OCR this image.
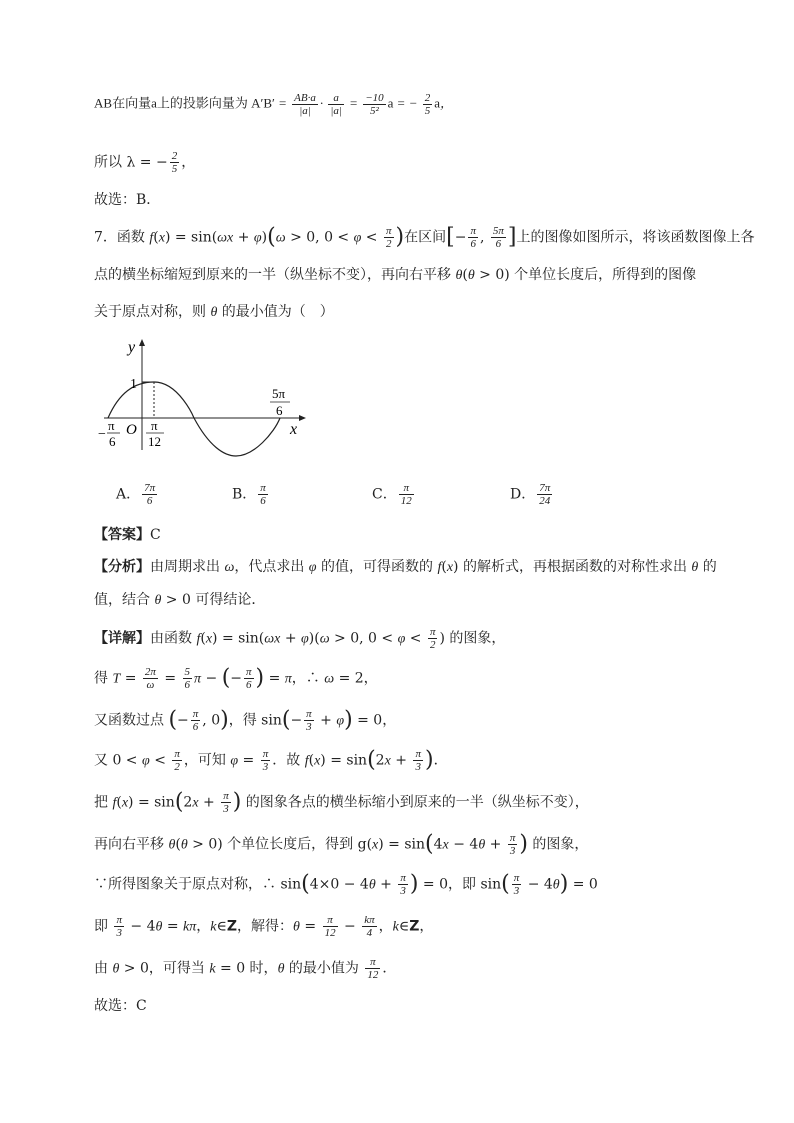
AB在向量a上的投影向量为 $A'B' = \frac{AB\cdot a}{|a|} \cdot \frac{a}{|a|} = \frac{-10}{\text{5²}}$ a = − $\frac{2}{5}$ a，
所以 λ = − $\frac{2}{5}$ ，
故选：B．
7．函数 f(x) = sin(ωx + φ)(ω > 0, $0 < \varphi < \frac{\pi}{2}$ )在区间[− $\frac{\pi}{6}$ , $\frac{5\pi}{6}$ ]上的图像如图所示，将该函数图像上各
点的横坐标缩短到原来的一半（纵坐标不变），再向右平移 θ(θ > 0) 个单位长度后，所得到的图像
关于原点对称，则 θ 的最小值为（　）
y
x
1
O
−
π
6
π
12
5π
6
A． $\frac{7\pi}{6}$	B． $\frac{\pi}{6}$	C． $\frac{\pi}{12}$	D． $\frac{7\pi}{24}$
【答案】C
【分析】由周期求出 ω，代点求出 φ 的值，可得函数的 f(x) 的解析式，再根据函数的对称性求出 θ 的
值，结合 θ > 0 可得结论．
【详解】由函数 f(x) = sin(ωx + φ)(ω > 0, $0 < \varphi < \frac{\pi}{2}$ ) 的图象，
得 $T = \frac{2\pi}{\omega} = \frac{5}{6}$ π − (− $\frac{\pi}{6}$ ) = π，∴ ω = 2，
又函数过点 (− $\frac{\pi}{6}$ , 0)，得 $\sin(- \frac{\pi}{3} + \varphi) = 0$，
又 $0 < \varphi < \frac{\pi}{2}$ ，可知 $\varphi = \frac{\pi}{3}$ ．故 $f(x) = \sin(2x + \frac{\pi}{3}$ )．
把 $f(x) = \sin(2x + \frac{\pi}{3}$ ) 的图象各点的横坐标缩小到原来的一半（纵坐标不变），
再向右平移 θ(θ > 0) 个单位长度后，得到 $g(x) = \sin(4x - 4\theta + \frac{\pi}{3}$ ) 的图象，
∵所得图象关于原点对称，∴ $\sin(4\times 0 - 4\theta + \frac{\pi}{3}$ ) = 0，即 $\sin( \frac{\pi}{3} - 4\theta) = 0$
即 $\frac{\pi}{3} - 4\theta = k\pi$，k∈Z，解得：$\theta = \frac{\pi}{12} - \frac{k\pi}{4}$ ，k∈Z，
由 θ > 0，可得当 k = 0 时，θ 的最小值为 $\frac{\pi}{12}$ ．
故选：C
